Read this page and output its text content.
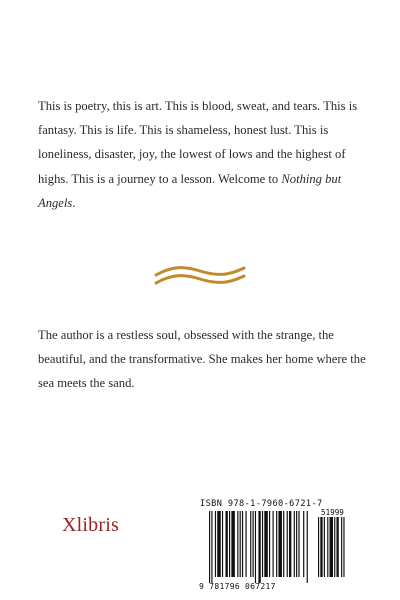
This is poetry, this is art. This is blood, sweat, and tears. This is fantasy. This is life. This is shameless, honest lust. This is loneliness, disaster, joy, the lowest of lows and the highest of highs. This is a journey to a lesson. Welcome to Nothing but Angels.
The author is a restless soul, obsessed with the strange, the beautiful, and the transformative. She makes her home where the sea meets the sand.
Xlibris
ISBN 978-1-7960-6721-7
51999
9 781796 067217
